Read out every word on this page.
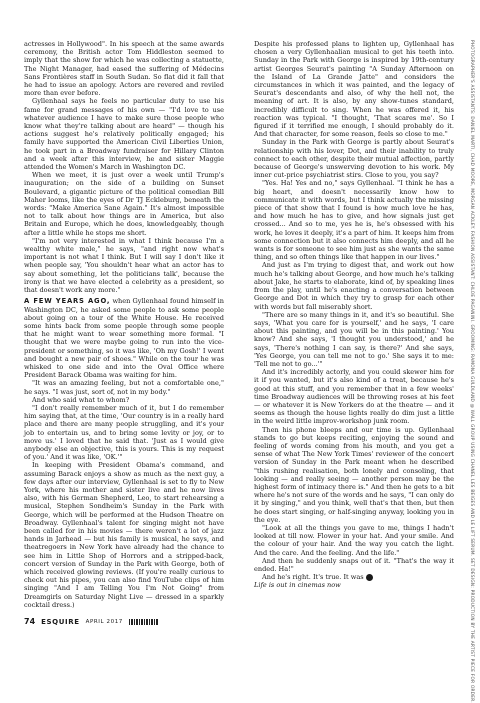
actresses in Hollywood". In his speech at the same awards ceremony, the British actor Tom Hiddleston seemed to imply that the show for which he was collecting a statuette, The Night Manager, had eased the suffering of Médecins Sans Frontières staff in South Sudan. So flat did it fall that he had to issue an apology. Actors are revered and reviled more than ever before.

Gyllenhaal says he feels no particular duty to use his fame for grand messages of his own — "I'd love to use whatever audience I have to make sure those people who know what they're talking about are heard" — though his actions suggest he's relatively politically engaged; his family have supported the American Civil Liberties Union, he took part in a Broadway fundraiser for Hillary Clinton and a week after this interview, he and sister Maggie attended the Women's March in Washington DC.

When we meet, it is just over a week until Trump's inauguration; on the side of a building on Sunset Boulevard, a gigantic picture of the political comedian Bill Maher looms, like the eyes of Dr TJ Eckleburg, beneath the words: "Make America Sane Again." It's almost impossible not to talk about how things are in America, but also Britain and Europe, which he does, knowledgeably, though after a little while he stops me short.

"I'm not very interested in what I think because I'm a wealthy white male," he says, "and right now what's important is not what I think. But I will say I don't like it when people say, 'You shouldn't hear what an actor has to say about something, let the politicians talk', because the irony is that we have elected a celebrity as a president, so that doesn't work any more."

A FEW YEARS AGO, when Gyllenhaal found himself in Washington DC, he asked some people to ask some people about going on a tour of the White House. He received some hints back from some people through some people that he might want to wear something more formal. "I thought that we were maybe going to run into the vice-president or something, so it was like, 'Oh my Gosh!' I went and bought a new pair of shoes." While on the tour he was whisked to one side and into the Oval Office where President Barack Obama was waiting for him.

"It was an amazing feeling, but not a comfortable one," he says. "I was just, sort of, not in my body."

And who said what to whom?

"I don't really remember much of it, but I do remember him saying that, at the time, 'Our country is in a really hard place and there are many people struggling, and it's your job to entertain us, and to bring some levity or joy, or to move us.' I loved that he said that. 'Just as I would give anybody else an objective, this is yours. This is my request of you.' And it was like, 'OK.'"

In keeping with President Obama's command, and assuming Barack enjoys a show as much as the next guy, a few days after our interview, Gyllenhaal is set to fly to New York, where his mother and sister live and he now lives also, with his German Shepherd, Leo, to start rehearsing a musical, Stephen Sondheim's Sunday in the Park with George, which will be performed at the Hudson Theatre on Broadway. Gyllenhaal's talent for singing might not have been called for in his movies — there weren't a lot of jazz hands in Jarhead — but his family is musical, he says, and theatregoers in New York have already had the chance to see him in Little Shop of Horrors and a stripped-back, concert version of Sunday in the Park with George, both of which received glowing reviews. (If you're really curious to check out his pipes, you can also find YouTube clips of him singing "And I am Telling You I'm Not Going" from Dreamgirls on Saturday Night Live — dressed in a sparkly cocktail dress.)

Despite his professed plans to lighten up, Gyllenhaal has chosen a very Gyllenhaalian musical to get his teeth into. Sunday in the Park with George is inspired by 19th-century artist Georges Seurat's painting "A Sunday Afternoon on the Island of La Grande Jatte" and considers the circumstances in which it was painted, and the legacy of Seurat's descendants and also, of why the hell not, the meaning of art. It is also, by any show-tunes standard, incredibly difficult to sing. When he was offered it, his reaction was typical. "I thought, 'That scares me'. So I figured if it terrified me enough, I should probably do it. And that character, for some reason, feels so close to me."

Sunday in the Park with George is partly about Seurat's relationship with his lover, Dot, and their inability to truly connect to each other, despite their mutual affection, partly because of George's unswerving devotion to his work. My inner cut-price psychiatrist stirs. Close to you, you say?

"Yes. Ha! Yes and no," says Gyllenhaal. "I think he has a big heart, and doesn't necessarily know how to communicate it with words, but I think actually the missing piece of that show that I found is how much love he has, and how much he has to give, and how signals just get crossed... And so to me, yes he is, he's obsessed with his work, he loves it deeply, it's a part of him. It keeps him from some connection but it also connects him deeply, and all he wants is for someone to see him just as she wants the same thing, and so often things like that happen in our lives."

And just as I'm trying to digest that, and work out how much he's talking about George, and how much he's talking about Jake, he starts to elaborate, kind of, by speaking lines from the play, until he's enacting a conversation between George and Dot in which they try to grasp for each other with words but fall miserably short.

"There are so many things in it, and it's so beautiful. She says, 'What you care for is yourself,' and he says, 'I care about this painting, and you will be in this painting.' You know? And she says, 'I thought you understood,' and he says, 'There's nothing I can say, is there?' And she says, 'Yes George, you can tell me not to go.' She says it to me: 'Tell me not to go...'"

And it's incredibly actorly, and you could skewer him for it if you wanted, but it's also kind of a treat, because he's good at this stuff, and you remember that in a few weeks' time Broadway audiences will be throwing roses at his feet — or whatever it is New Yorkers do at the theatre — and it seems as though the house lights really do dim just a little in the weird little improv-workshop junk room.

Then his phone bleeps and our time is up. Gyllenhaal stands to go but keeps reciting, enjoying the sound and feeling of words coming from his mouth, and you get a sense of what The New York Times' reviewer of the concert version of Sunday in the Park meant when he described "this rushing realisation, both lonely and consoling, that looking — and really seeing — another person may be the highest form of intimacy there is." And then he gets to a bit where he's not sure of the words and he says, "I can only do it by singing," and you think, well that's that then, but then he does start singing, or half-singing anyway, looking you in the eye.

"Look at all the things you gave to me, things I hadn't looked at till now. Flower in your hat. And your smile. And the colour of your hair. And the way you catch the light. And the care. And the feeling. And the life."

And then he suddenly snaps out of it. "That's the way it ended. Ha!"

And he's right. It's true. It was E

Life is out in cinemas now	PHOTOGRAPHER'S ASSISTANTS: DANIEL MARTI, CHAD MOORE, MORGAN ACKLEY. FASHION ASSISTANT: CHLOE PAGANINI. GROOMING: RAMONA GULDLAND @ WALL GROUP USING CHANEL LES BEIGES AND LE LIFT SERUM. SET DESIGN: PRODUCTION BY THE ARTIST PIECE FOR ORDER.
74 ESQUIRE APRIL 2017
